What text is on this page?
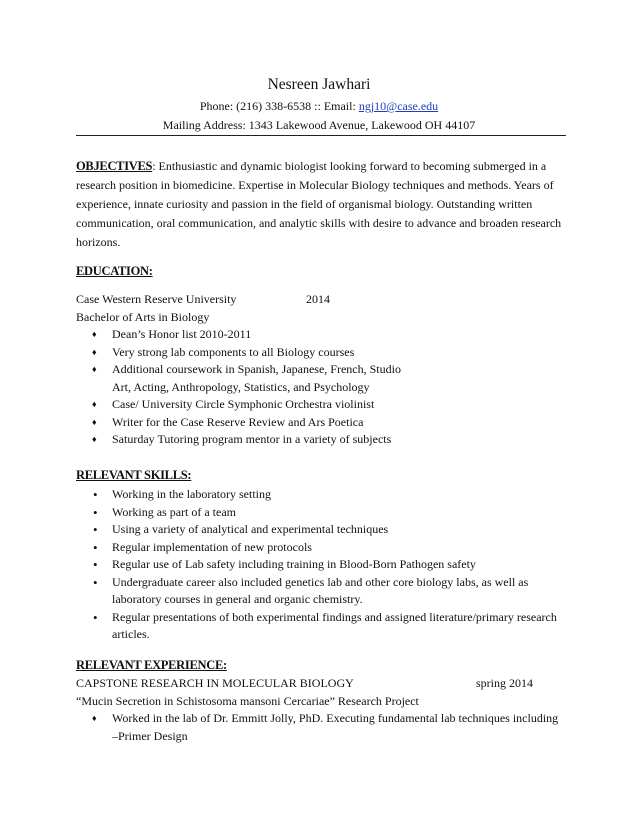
Nesreen Jawhari
Phone: (216) 338-6538 :: Email: ngj10@case.edu
Mailing Address: 1343 Lakewood Avenue, Lakewood OH 44107
OBJECTIVES: Enthusiastic and dynamic biologist looking forward to becoming submerged in a research position in biomedicine. Expertise in Molecular Biology techniques and methods. Years of experience, innate curiosity and passion in the field of organismal biology. Outstanding written communication, oral communication, and analytic skills with desire to advance and broaden research horizons.
EDUCATION:
Case Western Reserve University	2014
Bachelor of Arts in Biology
♦ Dean’s Honor list 2010-2011
♦ Very strong lab components to all Biology courses
♦ Additional coursework in Spanish, Japanese, French, Studio Art, Acting, Anthropology, Statistics, and Psychology
♦ Case/ University Circle Symphonic Orchestra violinist
♦ Writer for the Case Reserve Review and Ars Poetica
♦ Saturday Tutoring program mentor in a variety of subjects
RELEVANT SKILLS:
• Working in the laboratory setting
• Working as part of a team
• Using a variety of analytical and experimental techniques
• Regular implementation of new protocols
• Regular use of Lab safety including training in Blood-Born Pathogen safety
• Undergraduate career also included genetics lab and other core biology labs, as well as laboratory courses in general and organic chemistry.
• Regular presentations of both experimental findings and assigned literature/primary research articles.
RELEVANT EXPERIENCE:
CAPSTONE RESEARCH IN MOLECULAR BIOLOGY	spring 2014
“Mucin Secretion in Schistosoma mansoni Cercariae” Research Project
♦ Worked in the lab of Dr. Emmitt Jolly, PhD. Executing fundamental lab techniques including –Primer Design
